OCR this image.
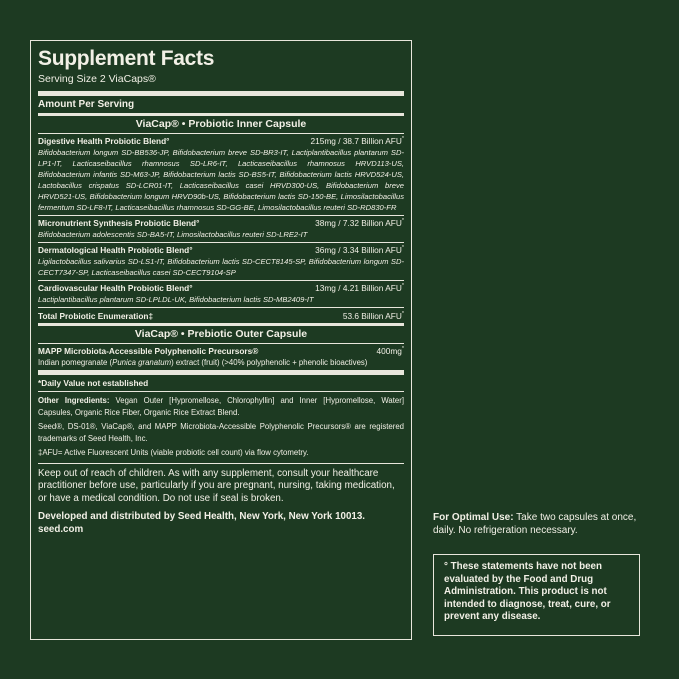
Supplement Facts
Serving Size 2 ViaCaps®
Amount Per Serving
ViaCap® • Probiotic Inner Capsule
Digestive Health Probiotic Blend°	215mg / 38.7 Billion AFU*
Bifidobacterium longum SD-BB536-JP, Bifidobacterium breve SD-BR3-IT, Lactiplantibacillus plantarum SD-LP1-IT, Lacticaseibacillus rhamnosus SD-LR6-IT, Lacticaseibacillus rhamnosus HRVD113-US, Bifidobacterium infantis SD-M63-JP, Bifidobacterium lactis SD-BS5-IT, Bifidobacterium lactis HRVD524-US, Lactobacillus crispatus SD-LCR01-IT, Lacticaseibacillus casei HRVD300-US, Bifidobacterium breve HRVD521-US, Bifidobacterium longum HRVD90b-US, Bifidobacterium lactis SD-150-BE, Limosilactobacillus fermentum SD-LF8-IT, Lacticaseibacillus rhamnosus SD-GG-BE, Limosilactobacillus reuteri SD-RD830-FR
Micronutrient Synthesis Probiotic Blend°	38mg / 7.32 Billion AFU*
Bifidobacterium adolescentis SD-BA5-IT, Limosilactobacillus reuteri SD-LRE2-IT
Dermatological Health Probiotic Blend°	36mg / 3.34 Billion AFU*
Ligilactobacillus salivarius SD-LS1-IT, Bifidobacterium lactis SD-CECT8145-SP, Bifidobacterium longum SD-CECT7347-SP, Lacticaseibacillus casei SD-CECT9104-SP
Cardiovascular Health Probiotic Blend°	13mg / 4.21 Billion AFU*
Lactiplantibacillus plantarum SD-LPLDL-UK, Bifidobacterium lactis SD-MB2409-IT
Total Probiotic Enumeration‡	53.6 Billion AFU*
ViaCap® • Prebiotic Outer Capsule
MAPP Microbiota-Accessible Polyphenolic Precursors®	400mg*
Indian pomegranate (Punica granatum) extract (fruit) (>40% polyphenolic + phenolic bioactives)
*Daily Value not established
Other Ingredients: Vegan Outer [Hypromellose, Chlorophyllin] and Inner [Hypromellose, Water] Capsules, Organic Rice Fiber, Organic Rice Extract Blend.
Seed®, DS-01®, ViaCap®, and MAPP Microbiota-Accessible Polyphenolic Precursors® are registered trademarks of Seed Health, Inc.
‡AFU= Active Fluorescent Units (viable probiotic cell count) via flow cytometry.
Keep out of reach of children. As with any supplement, consult your healthcare practitioner before use, particularly if you are pregnant, nursing, taking medication, or have a medical condition. Do not use if seal is broken.
Developed and distributed by Seed Health, New York, New York 10013.
seed.com
For Optimal Use: Take two capsules at once, daily. No refrigeration necessary.
° These statements have not been evaluated by the Food and Drug Administration. This product is not intended to diagnose, treat, cure, or prevent any disease.
